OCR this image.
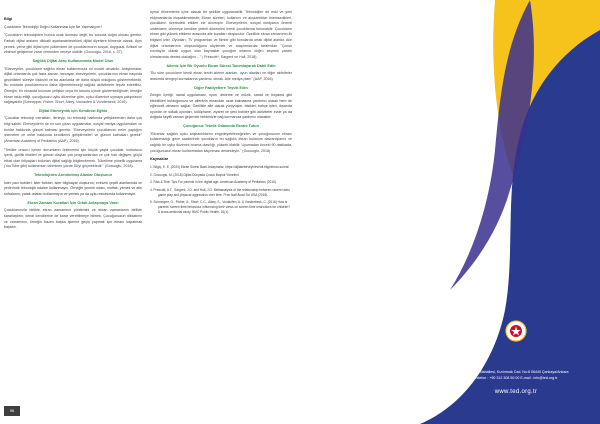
Bilgi

Çocukların Teknolojiyi Doğru Kullanması İçin Ne Yapmalıyım?

"Çocukların teknolojiden hızlıca uzak durması değil, bu konuda doğru olması gerekir. Farkalı dijital araların dikkatli ayarlanabilecekleri dijital diyetlere bilmeniz olarak. Aynı yemek, yeme gibi dijital içeri yüklemime de çocuklarımızın sosyal, duygusal, fiziksel ve zihinsel gelişimine zarar vermeden nereye olabilir. (Gocuoglu, 2018, s. 37).

Sağlıklı Dijital Araç Kullanımında Model Olun

"Ebeveynler, çocukların sağlıklı ekran kullanımında rol model olmalıdır. Araştırmalar, dijital ortamlarda çok fazla zaman harcayan ebeveynlerin, çocuklarının ekran başında geçirdikleri süreyle ilişkisini ve bu alanlarda de daha düşük olduğunu göstermektedir. Bu noktada çocuklarımızın daha öğrenebileceği sağlıklı aktivitelere teşvik edebiliriz. Örneğin; bir ekranda bulunan yetişkin veya bir tutumu içinde gözlemlediğinde; örneğin ekran takip ettiği. çocuğunuzu uyku düzenine göre, uyku düzenine uymaya çalışmasını sağlayabilir (Schnepper, Fisher, Short, Alkey, Vonlaufen & Vonderbeck, 2016).

Dijital Ebeveynlik için Kendinizi Eğitin

"Çocuklar teknoloji merakları, ilerleyip, bu teknoloji hakkında yetişkinlerden daha çok bilgi sahibi. Ebeveynlerin de en son çıkan uygulamalar, sosyal medya uygulamaları ve bunlar hakkında güncel kalması gerekir. "Ebeveynlerin çocuklarının neler yaptığını izlemeleri ve onlar hakkında kendilerini geliştirmeleri ve güncel kalmaları gerekir" (American Academy of Pediatrics (AAP), 2016).

"Tehlike unsuru içeren durumların önlenmesi için küçük yaşta çocuklar, korkutucu içerik, gizlilik ihlalleri ve güncel olayları çok programlardan ve çok hızlı değişen, güçlü etkisi olan ihtiyaçları bulunan dijital sağlığı bilgilendirmek. Tüketilme yönelik uygulama (YouTube gibi) kullanımları tahminen yüzde 50'yi geçmektedir." (Gocuoglu, 2018).

Teknolojiden Arındırılmış Alanlar Oluşturun

İster yazı hobileri, ister fiziksel, ister bilgisayar oluşturun; evinizin çeşitli alanlarında ve yerlerinde teknolojik odaları kullanmayın. Örneğin yemek odası, mutfak, yemek ve aile sofralarını; yatak odaları kullanmayın ve yemek ya da uyku esnasında kullanmayın.

Ekran Zamanı Kuralları İçin Ortak Anlaşmaya Varın

Çocuklarınızla birlikte ekran zamanının yöntemini ve ekran zamanlarını birlikte kararlaştırın; kendi kendilerine de karar verebilmeye bilmek. Çocuğunuzun dikkatinin ve zamanının, örneğin bazen başka işlerine geçiş yapmak için ekranı kapatmak başarılı.

uyma dönemlerini içine alacak bir şekilde uygulanabilir. Teknolojiler de eski ve yeni ekipmanlarda oluşabilmektedir; Ekran süreleri, kullanımı ve alışkanlıklar önemsedikleri, çocukların üzerindeki etkileri ele alınmıştır. Ebeveynlerin, sosyal medyanın önemli ortamlarını izlemeye kendine yeterli dönemleri kendi çocuklarına bulunabilir. Çocukların ekran gibi yüksek etkilerin arasında aile kuralları oluşturulur. Özellikle ekran zamanının ilk bilgisini izler. Oyunları, TV programları ve filmler gibi konularda ortak dijital alanlar. Aile dijital ortamlarının oluşturduğunu söylemek ve araştırmacılar tarafından "Çocuk sınırlayıcı olarak uygun olan kaynaklar çocuğun ortamın doğru seçmek yararlı olmalarında destek olacağını ..." | Prescott*, Sargent ve Hull, 2018).

Aileniz İçin Bir Oyunlu Ekran Süresi Tanımlayarak Dahil Edin

"Bu süre çocukların kendi ekran tercih-izleme alanları, oyun alanları ve diğer aktiviteler arasında dengeyi kurmalarına yardımcı olmak. Aile medya planı" (AAP, 2016).

Diğer Faaliyetlere Teşvik Edin

Zengin içeriği, sanat uygulaması, oyun, dinleme ve müzik, sanat ve boyama gibi etkinlikleri bulduğunuzu ve ailenizin ekrandan uzak kalmasına yardımcı olarak hem de eğlenceli olmasını sağlar. Özellikle aile olarak yürüyüşler, bisiklet, bahçe işleri, dışarıda oyunlar ve sokak oyunları, kütüphane, ziyaret ve yeni hobiler gibi aktiviteler evde ya da doğada keyifli zaman geçirmek birbirinizle bağ kurmanıza yardımcı olacaktır.

Çocuğunuz Teknik Odasında Ekranı Tutun

"Ekranlar sağlıklı uyku alışkanlıklarını engelleyebileceğinden ve çocuğunuzun ekranı kullanmadığı gece saatlerinde çocukların bu sağlıklı ekran kullanım davranışlarını ve sağlıklı bir uyku düzenini bozma olasılığı, yüksek olabilir. Uyumadan önceki 90 dakikada, çocuğunuzun ekran kullanmadan kaçınması destekleyin." (Gocuoglu, 2018)

Kaynaklar

1. Bilgiç, E. E. (2020) Ekran Süresi Bazlı Anlaşmalar. https://dijitalebeveyinevindi.bilgi/ekran-suresi/
2. Gocuoglu, M. (2018) Dijital Dünyada Çocuk Boşluk Yönetimi.
3. Risk & Tech Tips For parents in the digital age. American Academy of Pediatrics (2016).
4. Prescott, A.T., Sargent, J.D. and Hull, J.G. Metaanalysis of the relationship between violent video game play and physical aggression over time. Proc Natl Acad Sci USA (2018).
5. Schnepper, G., Fisher, A., Short, C.C., Alkey, S., Vonlaufen, A. & Vonderbeck, C. (2016) How is parents' screen time behaviour influencing their views on screen time restrictions for children? A cross-sectional study. BMC Public Health, 16(1).
96
Kocatepe Mahallesi, Kızılırmak Cad. No:8 06440 Çankaya/Ankara
Telefon : +90 312 308 50 00 E-mail : info@ted.org.tr
www.ted.org.tr
